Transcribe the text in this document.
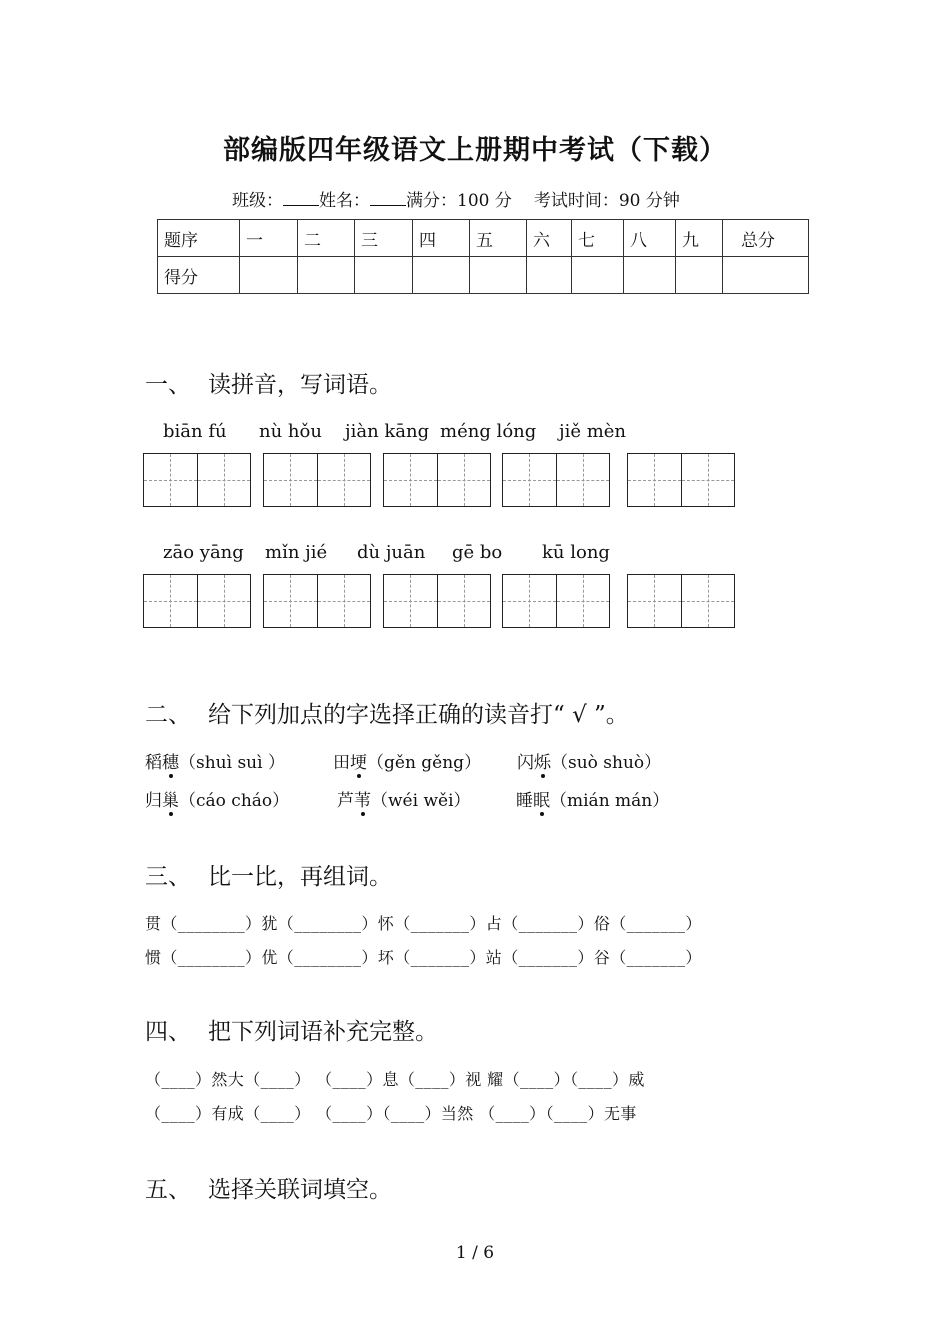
部编版四年级语文上册期中考试（下载）
班级： 姓名： 满分：100 分 考试时间：90 分钟
题序	一	二	三	四	五	六	七	八	九	总分
得分										
一、 读拼音，写词语。
biān fú nù hǒu jiàn kāng méng lóng jiě mèn
zāo yāng mǐn jié dù juān gē bo kū long
二、 给下列加点的字选择正确的读音打“ √ ”。
稻穗（shuì suì ）	田埂（gěn gěng） 闪烁（suò shuò）
归巢（cáo cháo）	芦苇（wéi wěi）	睡眠（mián mán）
三、 比一比，再组词。
贯（________）犹（________）怀（_______）占（_______）俗（_______）
惯（________）优（________）坏（_______）站（_______）谷（_______）
四、 把下列词语补充完整。
（____）然大（____） （____）息（____）视 耀（____）（____）威
（____）有成（____） （____）（____）当然 （____）（____）无事
五、 选择关联词填空。
1 / 6
